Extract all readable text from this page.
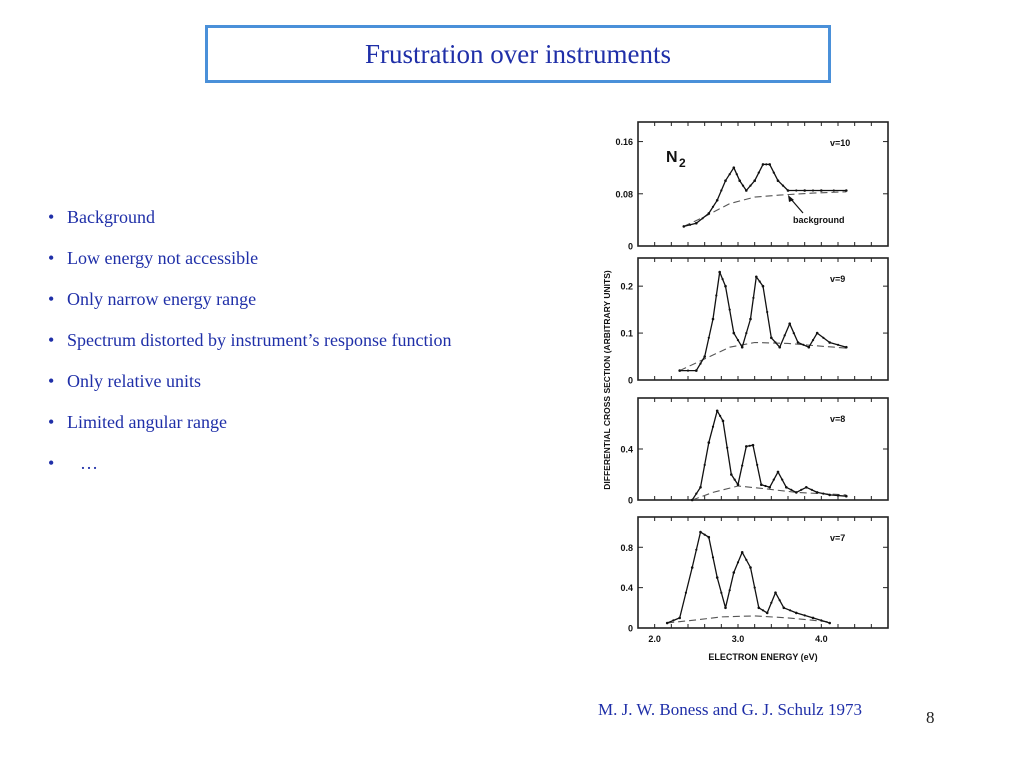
Frustration over instruments
• Background
• Low energy not accessible
• Only narrow energy range
• Spectrum distorted by instrument’s response function
• Only relative units
• Limited angular range
• …
0
0.08
0.16	v=10
0
0.1
0.2
v=9
0
0.4
v=8
0
0.4
0.8
v=7
N 2
background
2.0	3.0	4.0
ELECTRON ENERGY (eV)
DIFFERENTIAL CROSS SECTION (ARBITRARY UNITS)
M. J. W. Boness and G. J. Schulz 1973	8
